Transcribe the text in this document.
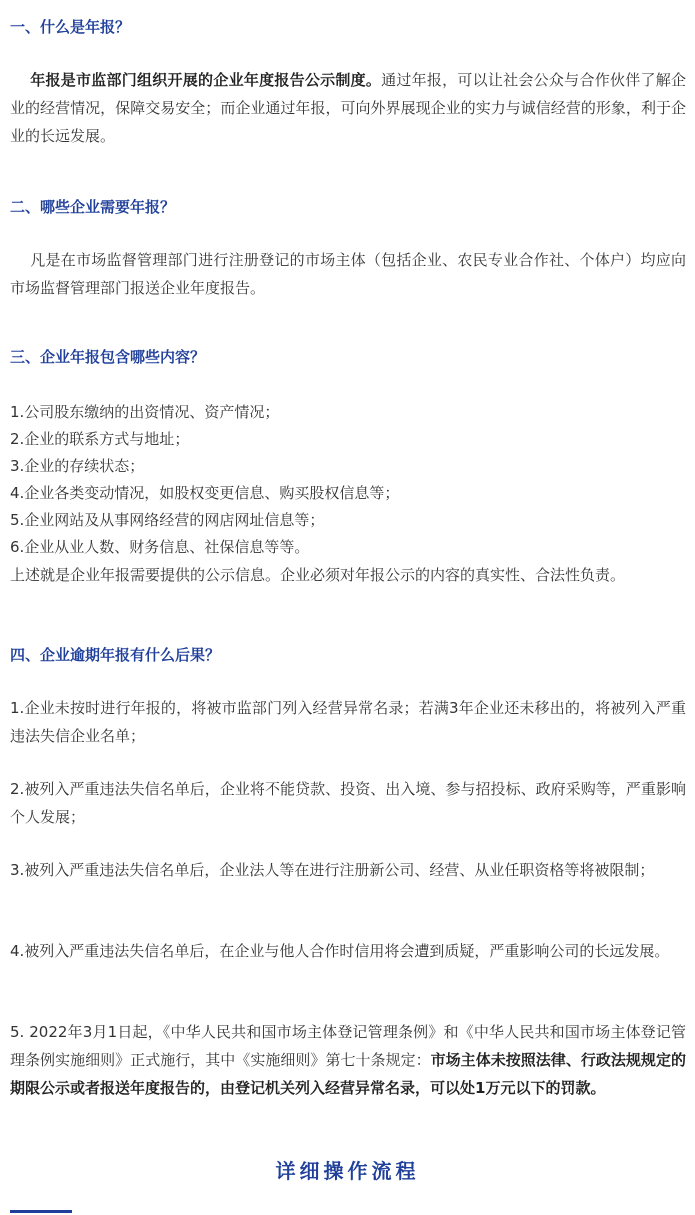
一、什么是年报？
年报是市监部门组织开展的企业年度报告公示制度。通过年报，可以让社会公众与合作伙伴了解企业的经营情况，保障交易安全；而企业通过年报，可向外界展现企业的实力与诚信经营的形象，利于企业的长远发展。
二、哪些企业需要年报？
凡是在市场监督管理部门进行注册登记的市场主体（包括企业、农民专业合作社、个体户）均应向市场监督管理部门报送企业年度报告。
三、企业年报包含哪些内容？
1.公司股东缴纳的出资情况、资产情况；
2.企业的联系方式与地址；
3.企业的存续状态；
4.企业各类变动情况，如股权变更信息、购买股权信息等；
5.企业网站及从事网络经营的网店网址信息等；
6.企业从业人数、财务信息、社保信息等等。
上述就是企业年报需要提供的公示信息。企业必须对年报公示的内容的真实性、合法性负责。
四、企业逾期年报有什么后果？
1.企业未按时进行年报的，将被市监部门列入经营异常名录；若满3年企业还未移出的，将被列入严重违法失信企业名单；
2.被列入严重违法失信名单后，企业将不能贷款、投资、出入境、参与招投标、政府采购等，严重影响个人发展；
3.被列入严重违法失信名单后，企业法人等在进行注册新公司、经营、从业任职资格等将被限制；
4.被列入严重违法失信名单后，在企业与他人合作时信用将会遭到质疑，严重影响公司的长远发展。
5. 2022年3月1日起，《中华人民共和国市场主体登记管理条例》和《中华人民共和国市场主体登记管理条例实施细则》正式施行，其中《实施细则》第七十条规定：市场主体未按照法律、行政法规规定的期限公示或者报送年度报告的，由登记机关列入经营异常名录，可以处1万元以下的罚款。
详细操作流程
